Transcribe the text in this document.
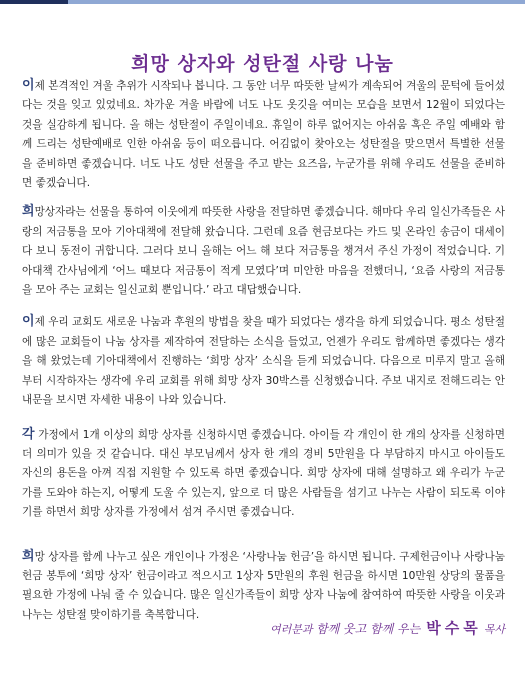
희망 상자와 성탄절 사랑 나눔

이제 본격적인 겨울 추위가 시작되나 봅니다. 그 동안 너무 따뜻한 날씨가 계속되어 겨울의 문턱에 들어섰다는 것을 잊고 있었네요. 차가운 겨울 바람에 너도 나도 옷깃을 여미는 모습을 보면서 12월이 되었다는 것을 실감하게 됩니다. 올 해는 성탄절이 주일이네요. 휴일이 하루 없어지는 아쉬움 혹은 주일 예배와 함께 드리는 성탄예배로 인한 아쉬움 등이 떠오릅니다. 어김없이 찾아오는 성탄절을 맞으면서 특별한 선물을 준비하면 좋겠습니다. 너도 나도 성탄 선물을 주고 받는 요즈음, 누군가를 위해 우리도 선물을 준비하면 좋겠습니다.

희망상자라는 선물을 통하여 이웃에게 따뜻한 사랑을 전달하면 좋겠습니다. 해마다 우리 일신가족들은 사랑의 저금통을 모아 기아대책에 전달해 왔습니다. 그런데 요즘 현금보다는 카드 및 온라인 송금이 대세이다 보니 동전이 귀합니다. 그러다 보니 올해는 어느 해 보다 저금통을 챙겨서 주신 가정이 적었습니다. 기아대책 간사님에게 ‘어느 때보다 저금통이 적게 모였다’며 미안한 마음을 전했더니, ‘요즘 사랑의 저금통을 모아 주는 교회는 일신교회 뿐입니다.’ 라고 대답했습니다.

이제 우리 교회도 새로운 나눔과 후원의 방법을 찾을 때가 되었다는 생각을 하게 되었습니다. 평소 성탄절에 많은 교회들이 나눔 상자를 제작하여 전달하는 소식을 들었고, 언젠가 우리도 함께하면 좋겠다는 생각을 해 왔었는데 기아대책에서 진행하는 ‘희망 상자’ 소식을 듣게 되었습니다. 다음으로 미루지 말고 올해부터 시작하자는 생각에 우리 교회를 위해 희망 상자 30박스를 신청했습니다. 주보 내지로 전해드리는 안내문을 보시면 자세한 내용이 나와 있습니다.

각 가정에서 1개 이상의 희망 상자를 신청하시면 좋겠습니다. 아이들 각 개인이 한 개의 상자를 신청하면 더 의미가 있을 것 같습니다. 대신 부모님께서 상자 한 개의 경비 5만원을 다 부담하지 마시고 아이들도 자신의 용돈을 아껴 직접 지원할 수 있도록 하면 좋겠습니다. 희망 상자에 대해 설명하고 왜 우리가 누군가를 도와야 하는지, 어떻게 도울 수 있는지, 앞으로 더 많은 사람들을 섬기고 나누는 사람이 되도록 이야기를 하면서 희망 상자를 가정에서 섬겨 주시면 좋겠습니다.

희망 상자를 함께 나누고 싶은 개인이나 가정은 ‘사랑나눔 헌금’을 하시면 됩니다. 구제헌금이나 사랑나눔 헌금 봉투에 ‘희망 상자’ 헌금이라고 적으시고 1상자 5만원의 후원 헌금을 하시면 10만원 상당의 물품을 필요한 가정에 나눠 줄 수 있습니다. 많은 일신가족들이 희망 상자 나눔에 참여하여 따뜻한 사랑을 이웃과 나누는 성탄절 맞이하기를 축복합니다.

여러분과 함께 웃고 함께 우는 박수목 목사
